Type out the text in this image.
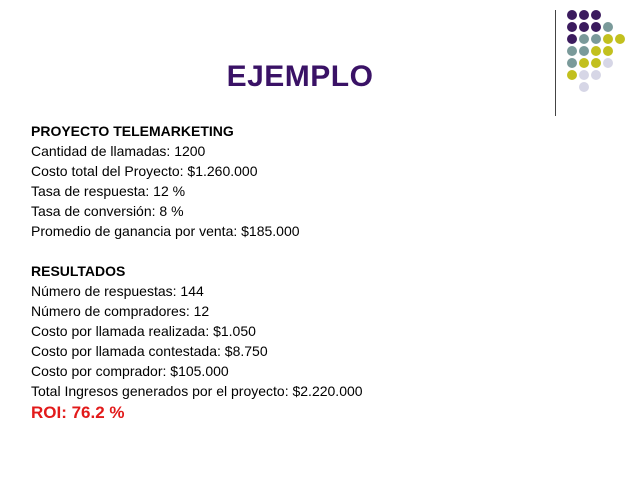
EJEMPLO
PROYECTO TELEMARKETING
Cantidad de llamadas: 1200
Costo total del Proyecto: $1.260.000
Tasa de respuesta: 12 %
Tasa de conversión: 8 %
Promedio de ganancia por venta: $185.000
RESULTADOS
Número de respuestas: 144
Número de compradores: 12
Costo por llamada realizada: $1.050
Costo por llamada contestada: $8.750
Costo por comprador: $105.000
Total Ingresos generados por el proyecto: $2.220.000
ROI: 76.2 %
